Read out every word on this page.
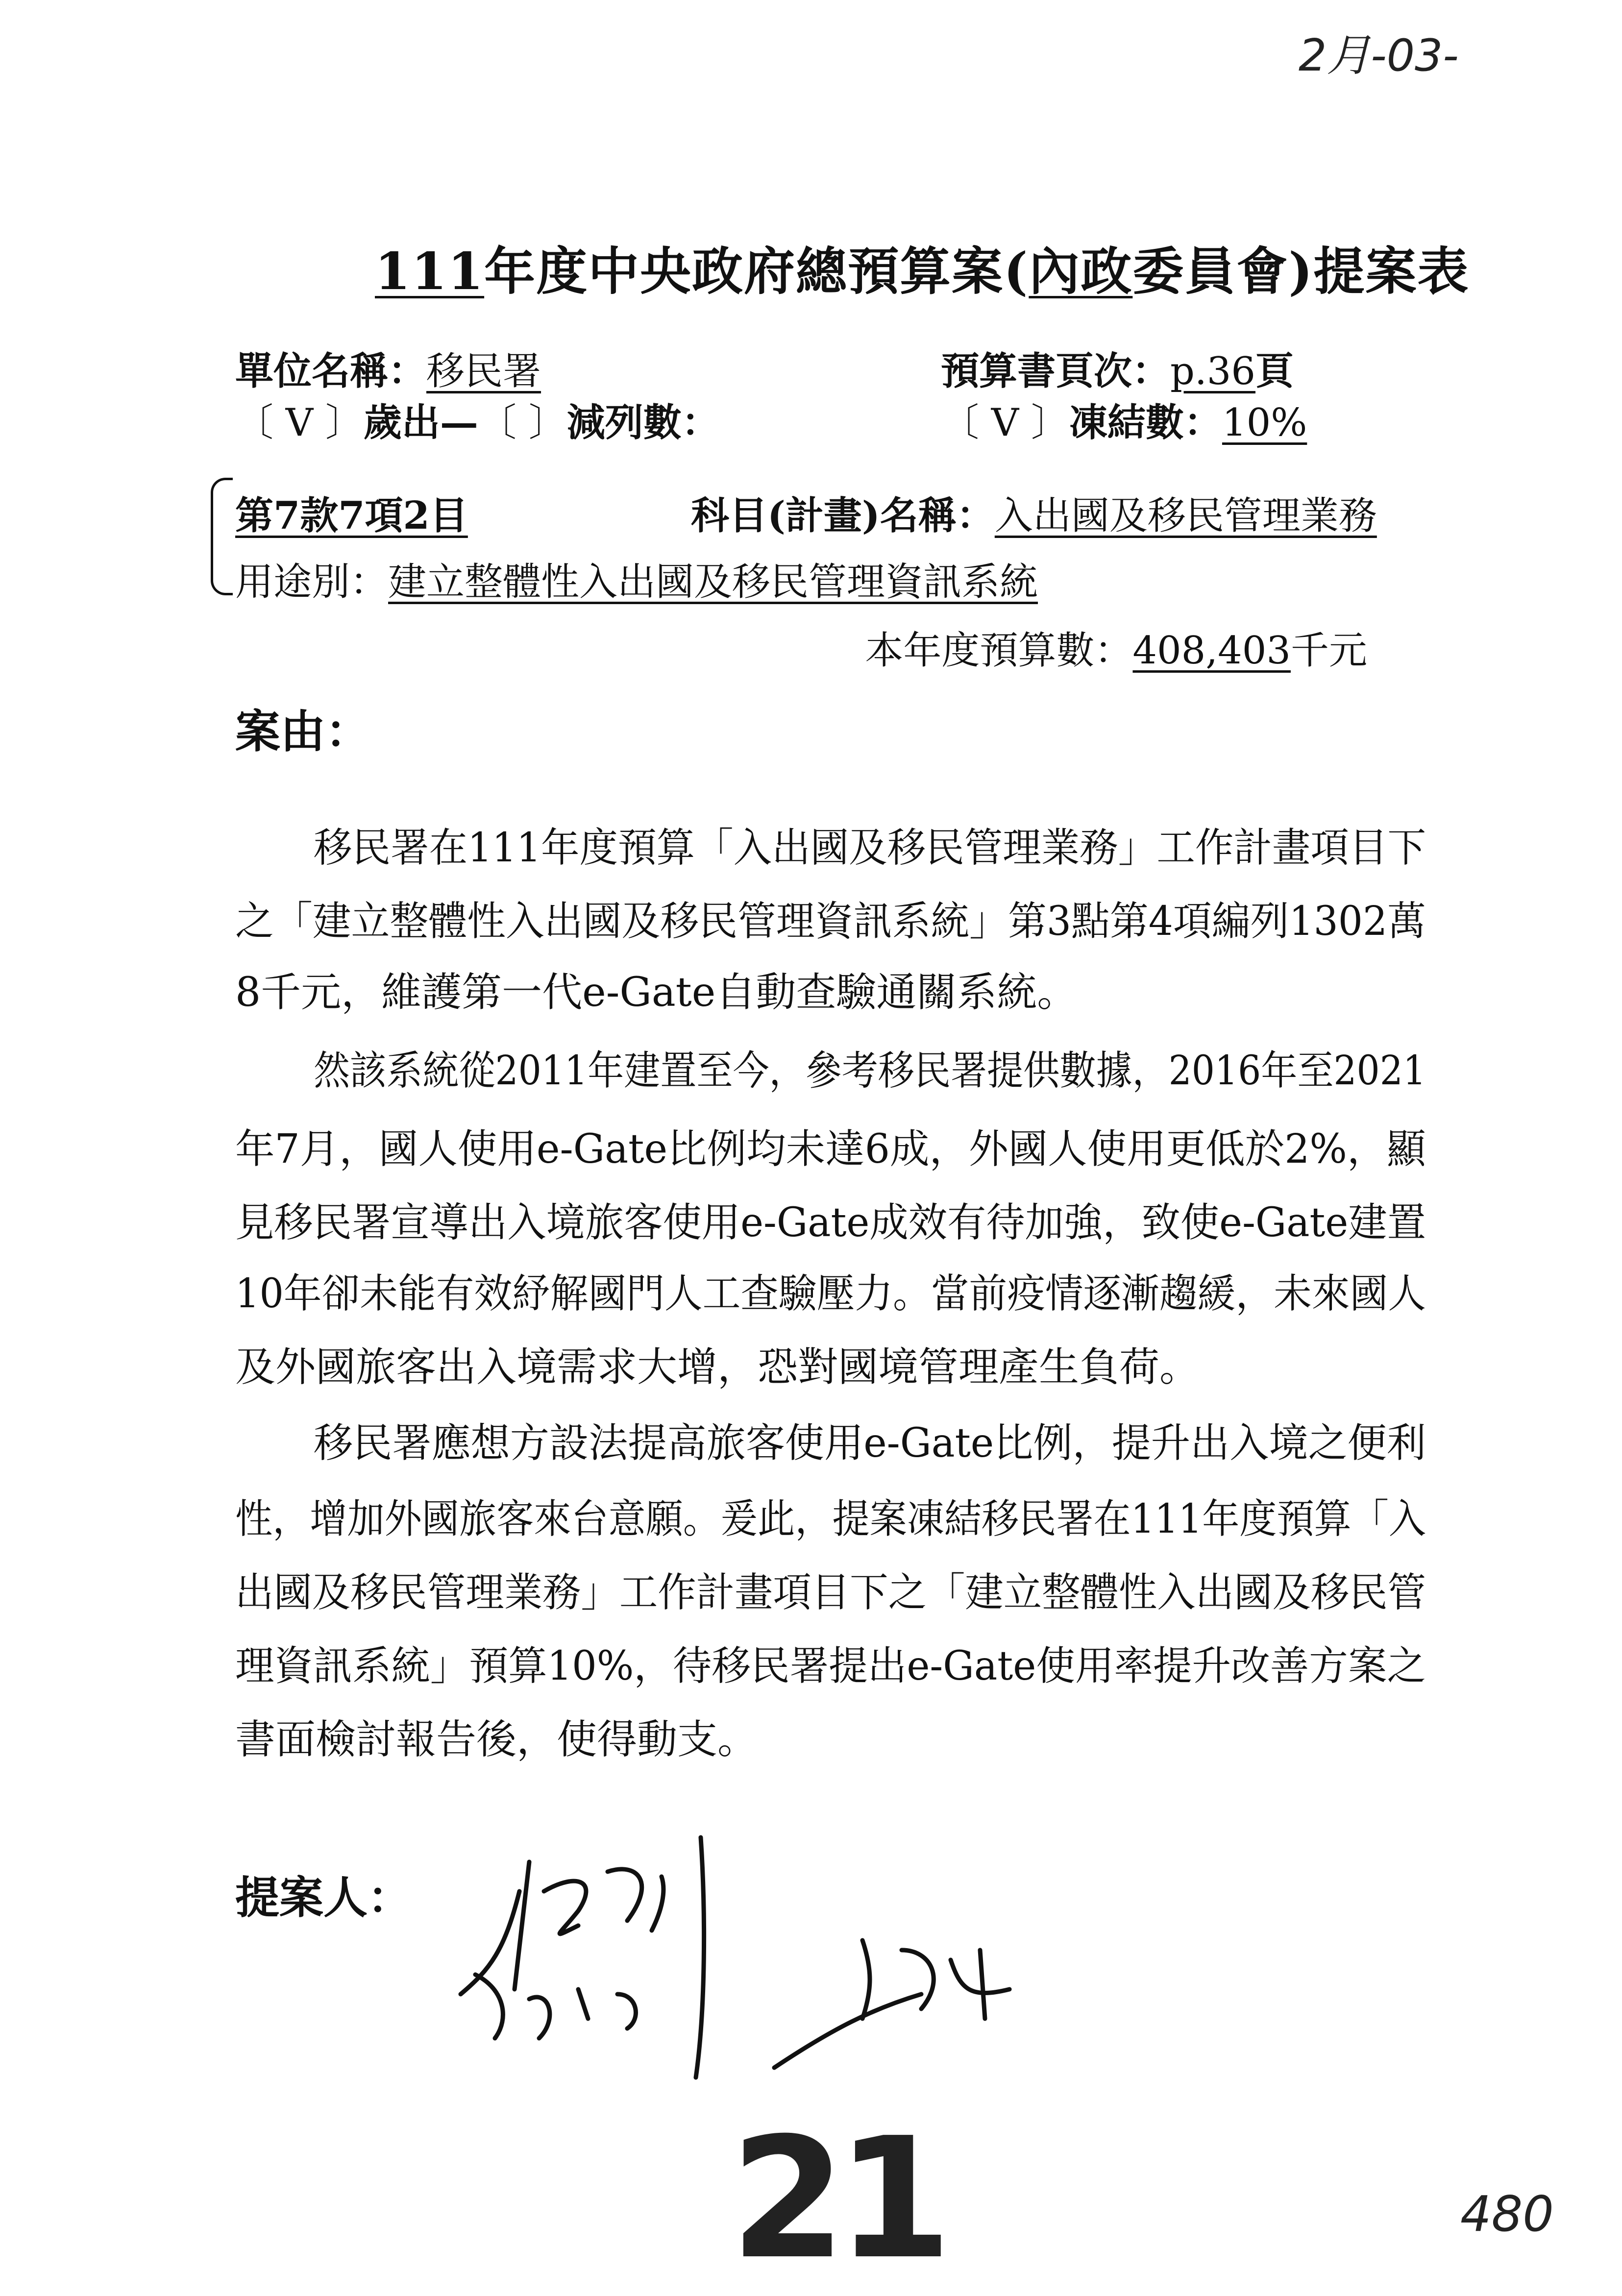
2月-03-
111年度中央政府總預算案(內政委員會)提案表
單位名稱：移民署	預算書頁次：p.36頁
〔 V 〕歲出—〔 〕減列數：	〔 V 〕凍結數：10%
第7款7項2目	科目(計畫)名稱：入出國及移民管理業務
用途別：建立整體性入出國及移民管理資訊系統
本年度預算數：408,403千元
案由：
移民署在111年度預算「入出國及移民管理業務」工作計畫項目下
之「建立整體性入出國及移民管理資訊系統」第3點第4項編列1302萬
8千元，維護第一代e-Gate自動查驗通關系統。
然該系統從2011年建置至今，參考移民署提供數據，2016年至2021
年7月，國人使用e-Gate比例均未達6成，外國人使用更低於2%，顯
見移民署宣導出入境旅客使用e-Gate成效有待加強，致使e-Gate建置
10年卻未能有效紓解國門人工查驗壓力。當前疫情逐漸趨緩，未來國人
及外國旅客出入境需求大增，恐對國境管理產生負荷。
移民署應想方設法提高旅客使用e-Gate比例，提升出入境之便利
性，增加外國旅客來台意願。爰此，提案凍結移民署在111年度預算「入
出國及移民管理業務」工作計畫項目下之「建立整體性入出國及移民管
理資訊系統」預算10%，待移民署提出e-Gate使用率提升改善方案之
書面檢討報告後，使得動支。
提案人：
21	480
